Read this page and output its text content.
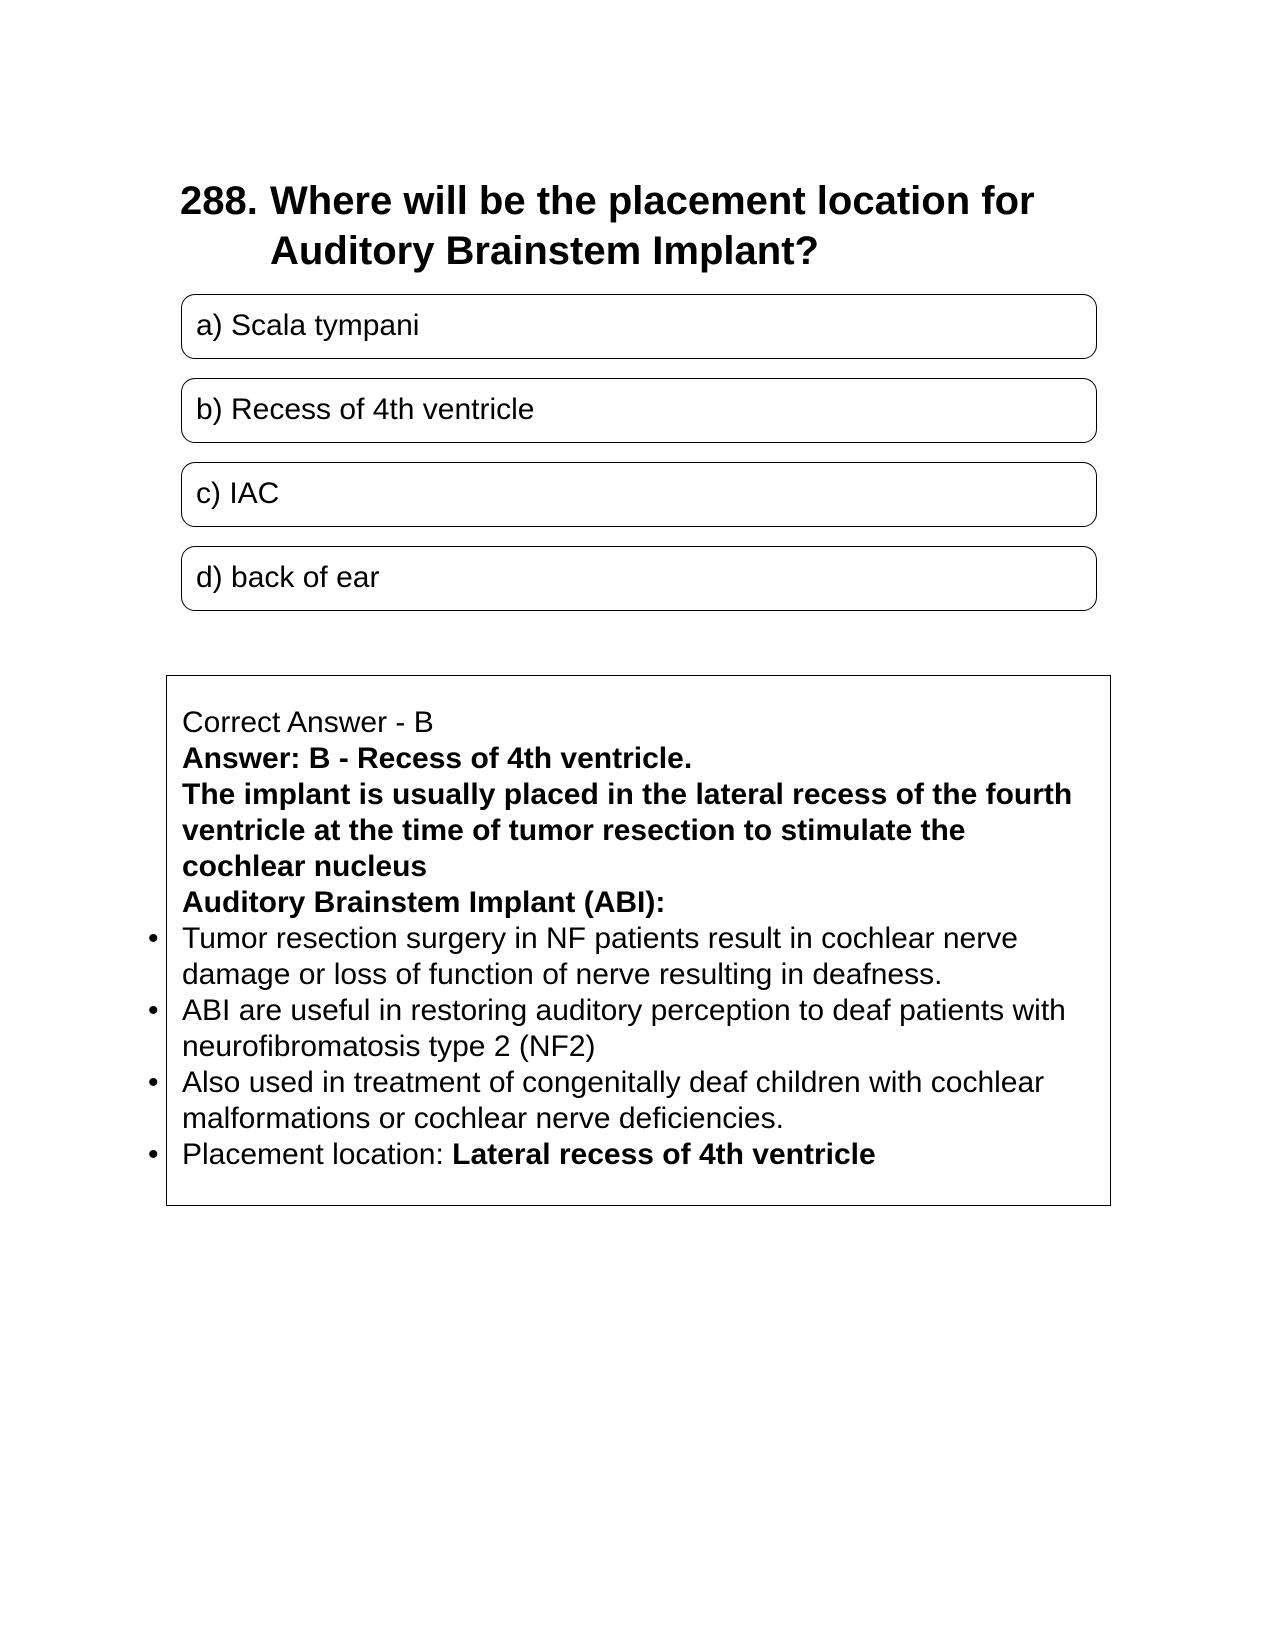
288. Where will be the placement location for Auditory Brainstem Implant?
a) Scala tympani
b) Recess of 4th ventricle
c) IAC
d) back of ear
Correct Answer - B
Answer: B - Recess of 4th ventricle.
The implant is usually placed in the lateral recess of the fourth ventricle at the time of tumor resection to stimulate the cochlear nucleus
Auditory Brainstem Implant (ABI):
• Tumor resection surgery in NF patients result in cochlear nerve damage or loss of function of nerve resulting in deafness.
• ABI are useful in restoring auditory perception to deaf patients with neurofibromatosis type 2 (NF2)
• Also used in treatment of congenitally deaf children with cochlear malformations or cochlear nerve deficiencies.
• Placement location: Lateral recess of 4th ventricle
